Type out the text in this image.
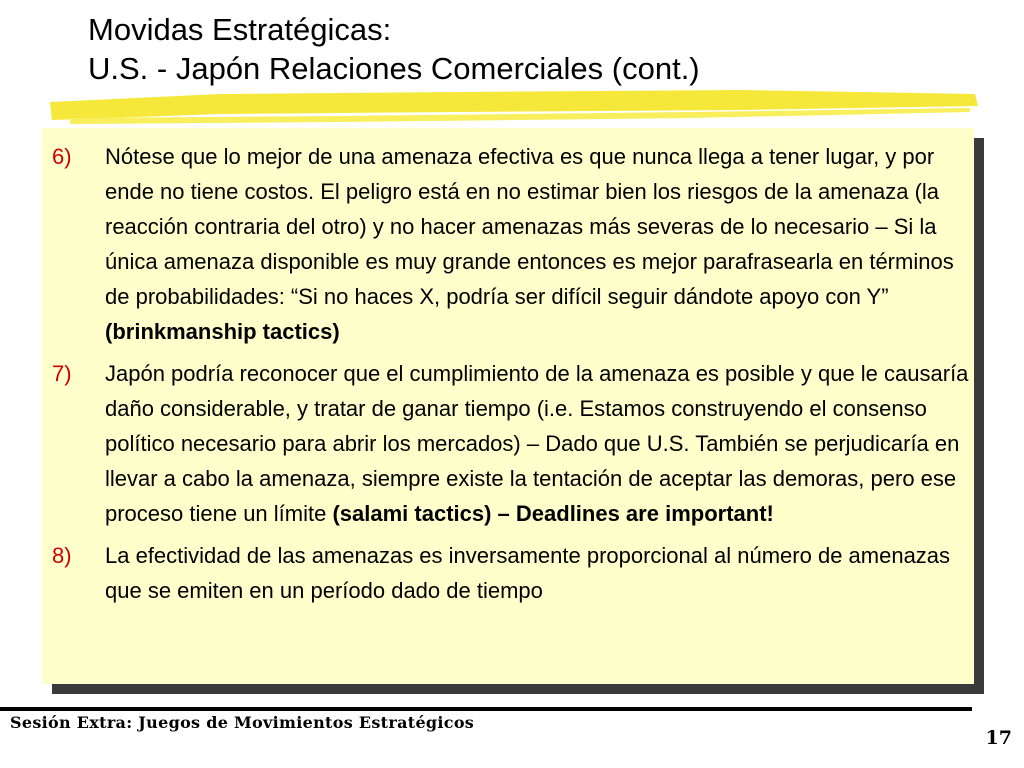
Movidas Estratégicas:
U.S. - Japón Relaciones Comerciales (cont.)
6) Nótese que lo mejor de una amenaza efectiva es que nunca llega a tener lugar, y por ende no tiene costos. El peligro está en no estimar bien los riesgos de la amenaza (la reacción contraria del otro) y no hacer amenazas más severas de lo necesario – Si la única amenaza disponible es muy grande entonces es mejor parafrasearla en términos de probabilidades: “Si no haces X, podría ser difícil seguir dándote apoyo con Y” (brinkmanship tactics)
7) Japón podría reconocer que el cumplimiento de la amenaza es posible y que le causaría daño considerable, y tratar de ganar tiempo (i.e. Estamos construyendo el consenso político necesario para abrir los mercados) – Dado que U.S. También se perjudicaría en llevar a cabo la amenaza, siempre existe la tentación de aceptar las demoras, pero ese proceso tiene un límite (salami tactics) – Deadlines are important!
8) La efectividad de las amenazas es inversamente proporcional al número de amenazas que se emiten en un período dado de tiempo
Sesión Extra: Juegos de Movimientos Estratégicos
17
